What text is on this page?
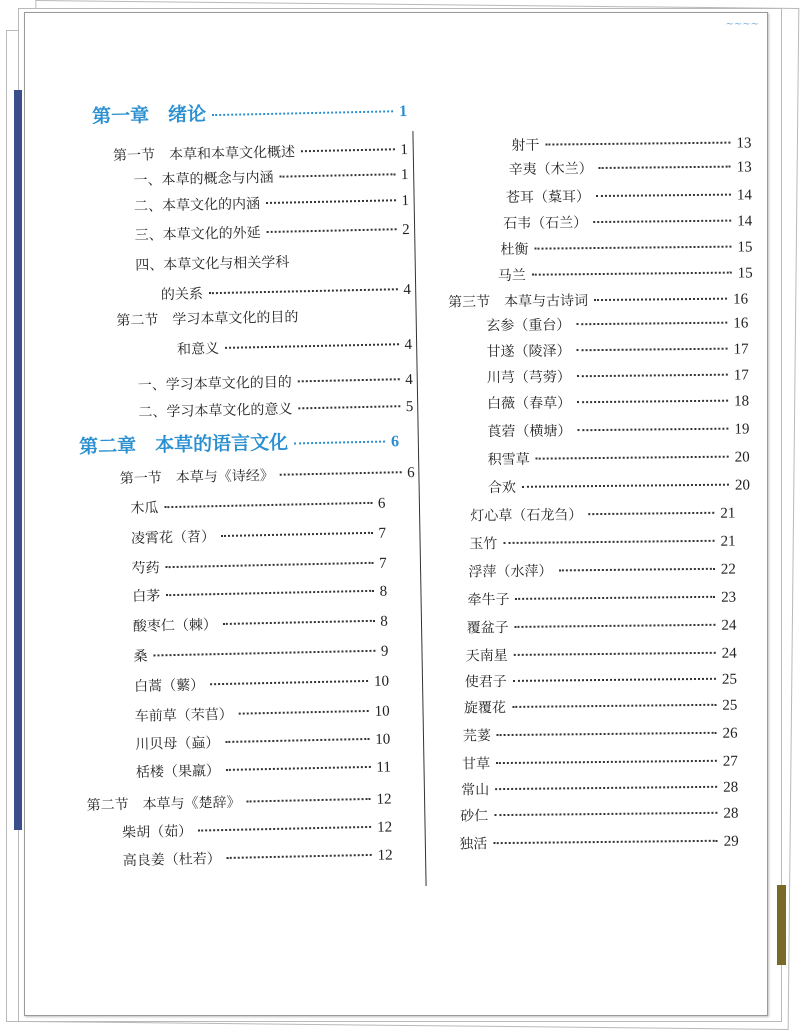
~~~~
第一章　绪论	1
第一节　本草和本草文化概述	1
一、本草的概念与内涵	1
二、本草文化的内涵	1
三、本草文化的外延	2
四、本草文化与相关学科
的关系	4
第二节　学习本草文化的目的
和意义	4
一、学习本草文化的目的	4
二、学习本草文化的意义	5
第二章　本草的语言文化	6
第一节　本草与《诗经》	6
木瓜	6
凌霄花（苕）	7
芍药	7
白茅	8
酸枣仁（棘）	8
桑	9
白蒿（蘩）	10
车前草（芣苢）	10
川贝母（蝱）	10
栝楼（果羸）	11
第二节　本草与《楚辞》	12
柴胡（茹）	12
高良姜（杜若）	12
射干	13
辛夷（木兰）	13
苍耳（葈耳）	14
石韦（石兰）	14
杜衡	15
马兰	15
第三节　本草与古诗词	16
玄参（重台）	16
甘遂（陵泽）	17
川芎（芎䓖）	17
白薇（春草）	18
莨菪（横塘）	19
积雪草	20
合欢	20
灯心草（石龙刍）	21
玉竹	21
浮萍（水萍）	22
牵牛子	23
覆盆子	24
天南星	24
使君子	25
旋覆花	25
芫荽	26
甘草	27
常山	28
砂仁	28
独活	29
